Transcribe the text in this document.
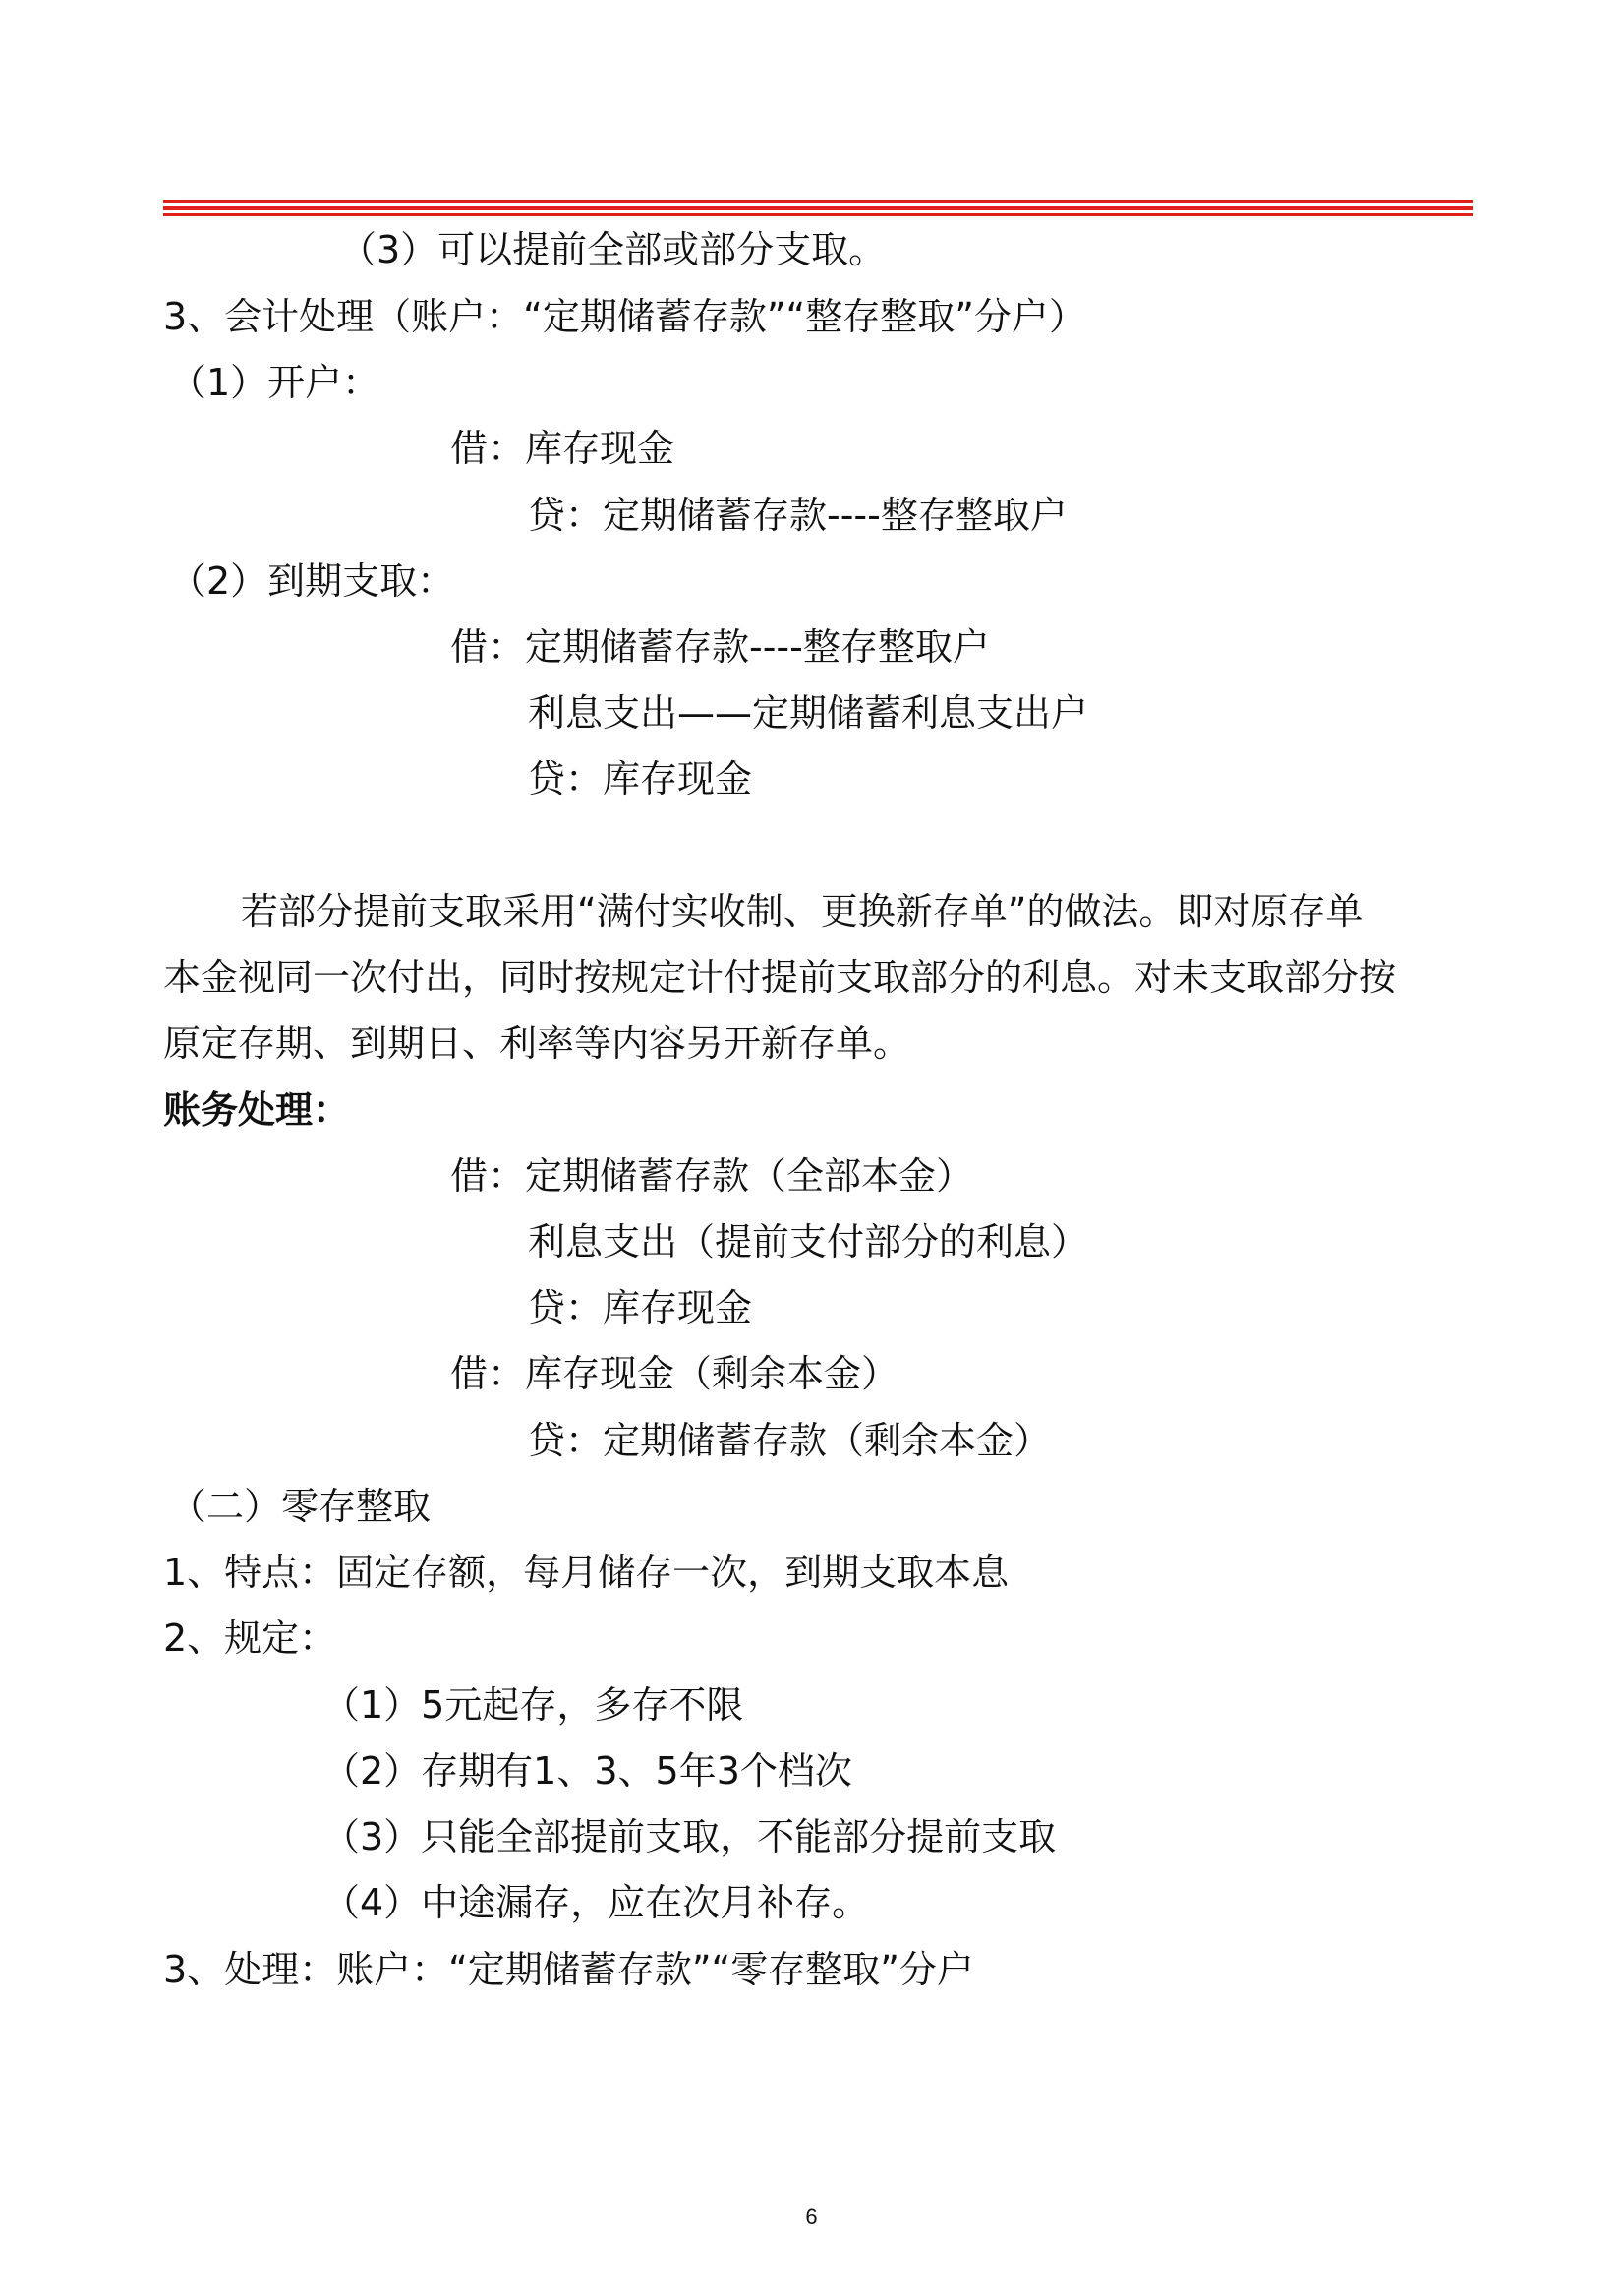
（3）可以提前全部或部分支取。
3、会计处理（账户：“定期储蓄存款”“整存整取”分户）
（1）开户：
借：库存现金
贷：定期储蓄存款----整存整取户
（2）到期支取：
借：定期储蓄存款----整存整取户
利息支出——定期储蓄利息支出户
贷：库存现金
若部分提前支取采用“满付实收制、更换新存单”的做法。即对原存单
本金视同一次付出，同时按规定计付提前支取部分的利息。对未支取部分按
原定存期、到期日、利率等内容另开新存单。
账务处理：
借：定期储蓄存款（全部本金）
利息支出（提前支付部分的利息）
贷：库存现金
借：库存现金（剩余本金）
贷：定期储蓄存款（剩余本金）
（二）零存整取
1、特点：固定存额，每月储存一次，到期支取本息
2、规定：
（1）5元起存，多存不限
（2）存期有1、3、5年3个档次
（3）只能全部提前支取，不能部分提前支取
（4）中途漏存，应在次月补存。
3、处理：账户：“定期储蓄存款”“零存整取”分户
6
